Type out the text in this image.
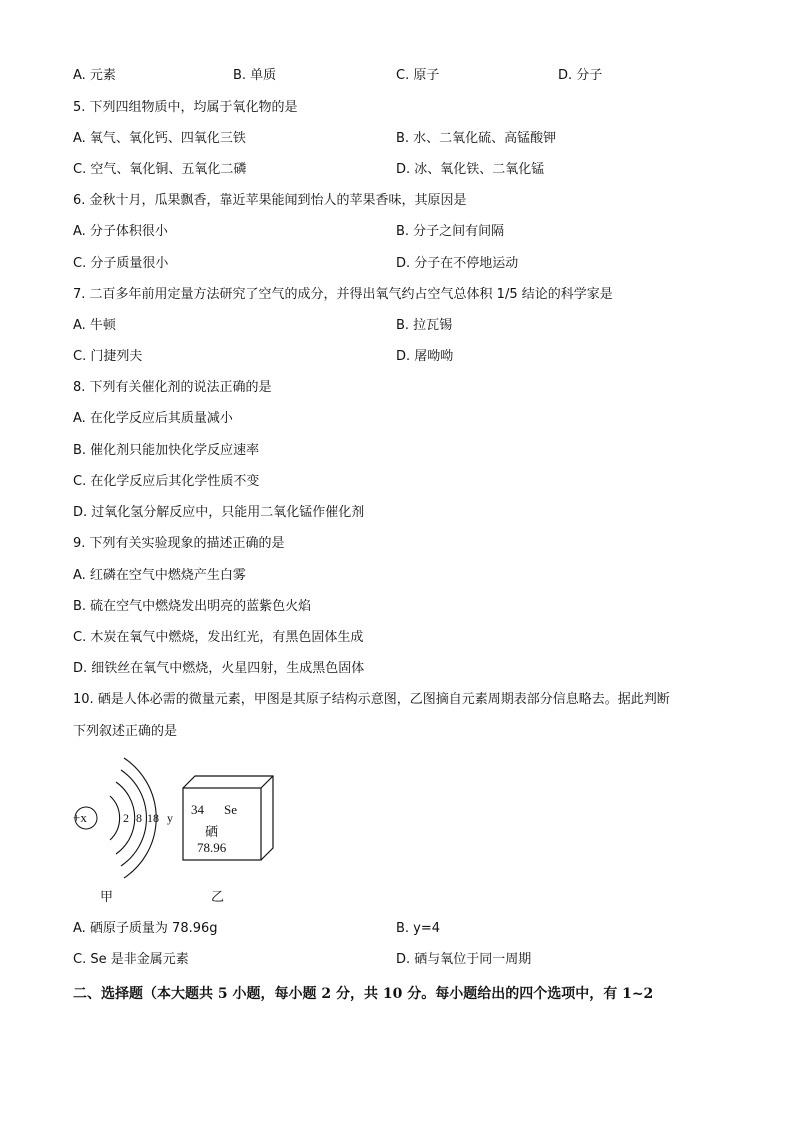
A. 元素	B. 单质	C. 原子	D. 分子
5. 下列四组物质中，均属于氧化物的是
A. 氧气、氧化钙、四氧化三铁	B. 水、二氧化硫、高锰酸钾
C. 空气、氧化铜、五氧化二磷	D. 冰、氧化铁、二氧化锰
6. 金秋十月，瓜果飘香，靠近苹果能闻到怡人的苹果香味，其原因是
A. 分子体积很小	B. 分子之间有间隔
C. 分子质量很小	D. 分子在不停地运动
7. 二百多年前用定量方法研究了空气的成分，并得出氧气约占空气总体积 1/5 结论的科学家是
A. 牛顿	B. 拉瓦锡
C. 门捷列夫	D. 屠呦呦
8. 下列有关催化剂的说法正确的是
A. 在化学反应后其质量减小
B. 催化剂只能加快化学反应速率
C. 在化学反应后其化学性质不变
D. 过氧化氢分解反应中，只能用二氧化锰作催化剂
9. 下列有关实验现象的描述正确的是
A. 红磷在空气中燃烧产生白雾
B. 硫在空气中燃烧发出明亮的蓝紫色火焰
C. 木炭在氧气中燃烧，发出红光，有黑色固体生成
D. 细铁丝在氧气中燃烧，火星四射，生成黑色固体
10. 硒是人体必需的微量元素，甲图是其原子结构示意图，乙图摘自元素周期表部分信息略去。据此判断
下列叙述正确的是
+x	2 8 18 y
34 Se
硒
78.96
甲	乙
A. 硒原子质量为 78.96g	B. y=4
C. Se 是非金属元素	D. 硒与氧位于同一周期
二、选择题（本大题共 5 小题，每小题 2 分，共 10 分。每小题给出的四个选项中，有 1~2
